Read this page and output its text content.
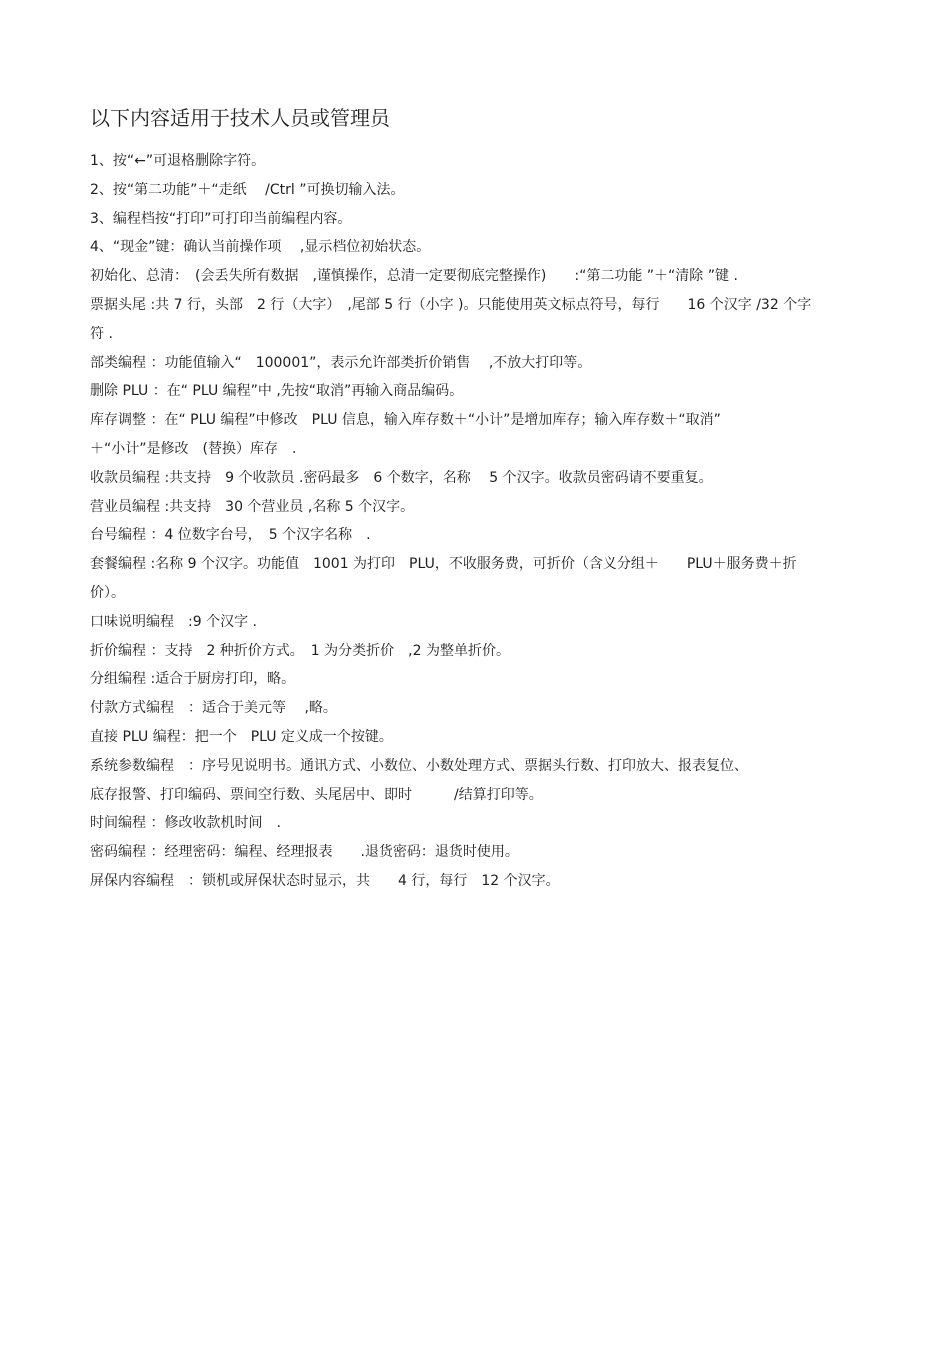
以下内容适用于技术人员或管理员
1、按“←”可退格删除字符。
2、按“第二功能”＋“走纸　 /Ctrl ”可换切输入法。
3、编程档按“打印”可打印当前编程内容。
4、“现金”键：确认当前操作项　 ,显示档位初始状态。
初始化、总清：　(会丢失所有数据　,谨慎操作，总清一定要彻底完整操作)　　:“第二功能 ”＋“清除 ”键 .
票据头尾 :共 7 行，头部　2 行（大字）　,尾部 5 行（小字 )。只能使用英文标点符号，每行　　16 个汉字 /32 个字
符 .
部类编程 ：功能值输入“　100001”，表示允许部类折价销售　 ,不放大打印等。
删除 PLU ：在“ PLU 编程”中 ,先按“取消”再输入商品编码。
库存调整 ：在“ PLU 编程”中修改　PLU 信息，输入库存数＋“小计”是增加库存；输入库存数＋“取消”
＋“小计”是修改　(替换）库存　.
收款员编程 :共支持　9 个收款员 .密码最多　6 个数字，名称　 5 个汉字。收款员密码请不要重复。
营业员编程 :共支持　30 个营业员 ,名称 5 个汉字。
台号编程 ：4 位数字台号，　5 个汉字名称　.
套餐编程 :名称 9 个汉字。功能值　1001 为打印　PLU，不收服务费，可折价（含义分组＋　　PLU＋服务费＋折
价）。
口味说明编程　:9 个汉字 .
折价编程 ：支持　2 种折价方式。　1 为分类折价　,2 为整单折价。
分组编程 :适合于厨房打印，略。
付款方式编程　：适合于美元等　 ,略。
直接 PLU 编程：把一个　PLU 定义成一个按键。
系统参数编程　：序号见说明书。通讯方式、小数位、小数处理方式、票据头行数、打印放大、报表复位、
底存报警、打印编码、票间空行数、头尾居中、即时　　　/结算打印等。
时间编程 ：修改收款机时间　.
密码编程 ：经理密码：编程、经理报表　　.退货密码：退货时使用。
屏保内容编程　：锁机或屏保状态时显示，共　　4 行，每行　12 个汉字。
